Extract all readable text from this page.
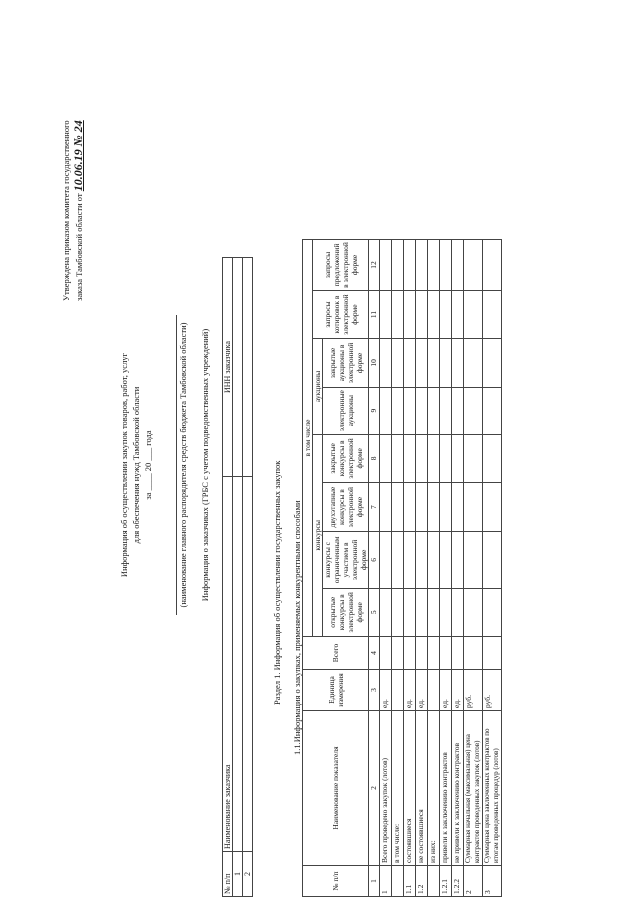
Утверждена приказом комитета государственного заказа Тамбовской области от 10.06.19 № 24
Информация об осуществлении закупок товаров, работ, услуг для обеспечения нужд Тамбовской области за ____ 20 ___ года	(наименование главного распорядителя средств бюджета Тамбовской области) Информация о заказчиках (ГРБС с учетом подведомственных учреждений)
№ п/п	Наименование заказчика	ИНН заказчика
1		
2		
Раздел 1. Информация об осуществлении государственных закупок 1.1.Информация о закупках, применяемых конкурентными способами
№ п/п	Наименование показателя	Единица измерения	Всего	в том числе							
				конкурсы				аукционы		запросы котировок в электронной форме	запросы предложений в электронной форме
				открытые конкурсы в электронной форме	конкурсы с ограниченным участием в электронной форме	двухэтапные конкурсы в электронной форме	закрытые конкурсы в электронной форме	электронные аукционы	закрытые аукционы в электронной форме		

1	2	3	4	5	6	7	8	9	10	11	12
1	Всего проведено закупок (лотов)	ед.									
	в том числе:										
1.1	состоявшиеся	ед.									
1.2	не состоявшиеся	ед.									
	из них:										
1.2.1	привели к заключению контрактов	ед.									
1.2.2	не привели к заключению контрактов	ед.									
2	Суммарная начальная (максимальная) цена контрактов проведенных закупок (лотов)	руб.									
3	Суммарная цена заключенных контрактов по итогам проведенных процедур (лотов)	руб.									
